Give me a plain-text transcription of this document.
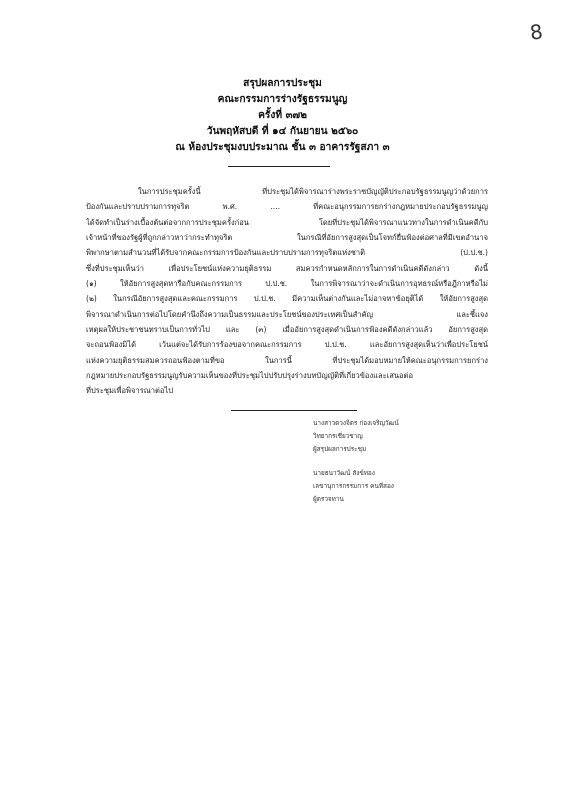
8
สรุปผลการประชุม
คณะกรรมการร่างรัฐธรรมนูญ
ครั้งที่ ๓๗๒
วันพฤหัสบดี ที่ ๑๔ กันยายน ๒๕๖๐
ณ ห้องประชุมงบประมาณ ชั้น ๓ อาคารรัฐสภา ๓
ในการประชุมครั้งนี้ ที่ประชุมได้พิจารณาร่างพระราชบัญญัติประกอบรัฐธรรมนูญว่าด้วยการ
ป้องกันและปราบปรามการทุจริต พ.ศ. .... ที่คณะอนุกรรมการยกร่างกฎหมายประกอบรัฐธรรมนูญ
ได้จัดทำเป็นร่างเบื้องต้นต่อจากการประชุมครั้งก่อน โดยที่ประชุมได้พิจารณาแนวทางในการดำเนินคดีกับ
เจ้าหน้าที่ของรัฐผู้ที่ถูกกล่าวหาว่ากระทำทุจริต ในกรณีที่อัยการสูงสุดเป็นโจทก์ยื่นฟ้องต่อศาลที่มีเขตอำนาจ
พิพากษาตามสำนวนที่ได้รับจากคณะกรรมการป้องกันและปราบปรามการทุจริตแห่งชาติ (ป.ป.ช.)
ซึ่งที่ประชุมเห็นว่า เพื่อประโยชน์แห่งความยุติธรรม สมควรกำหนดหลักการในการดำเนินคดีดังกล่าว ดังนี้
(๑) ให้อัยการสูงสุดหารือกับคณะกรรมการ ป.ป.ช. ในการพิจารณาว่าจะดำเนินการอุทธรณ์หรือฎีกาหรือไม่
(๒) ในกรณีอัยการสูงสุดและคณะกรรมการ ป.ป.ช. มีความเห็นต่างกันและไม่อาจหาข้อยุติได้ ให้อัยการสูงสุด
พิจารณาดำเนินการต่อไปโดยคำนึงถึงความเป็นธรรมและประโยชน์ของประเทศเป็นสำคัญ และชี้แจง
เหตุผลให้ประชาชนทราบเป็นการทั่วไป และ (๓) เมื่ออัยการสูงสุดดำเนินการฟ้องคดีดังกล่าวแล้ว อัยการสูงสุด
จะถอนฟ้องมิได้ เว้นแต่จะได้รับการร้องขอจากคณะกรรมการ ป.ป.ช. และอัยการสูงสุดเห็นว่าเพื่อประโยชน์
แห่งความยุติธรรมสมควรถอนฟ้องตามที่ขอ ในการนี้ ที่ประชุมได้มอบหมายให้คณะอนุกรรมการยกร่าง
กฎหมายประกอบรัฐธรรมนูญรับความเห็นของที่ประชุมไปปรับปรุงร่างบทบัญญัติที่เกี่ยวข้องและเสนอต่อ
ที่ประชุมเพื่อพิจารณาต่อไป
นางสาวดวงจิตร ก่องเจริญวัฒน์
วิทยากรเชี่ยวชาญ
ผู้สรุปผลการประชุม
นายธนาวัฒน์ สังข์ทอง
เลขานุการกรรมการ คนที่สอง
ผู้ตรวจทาน
